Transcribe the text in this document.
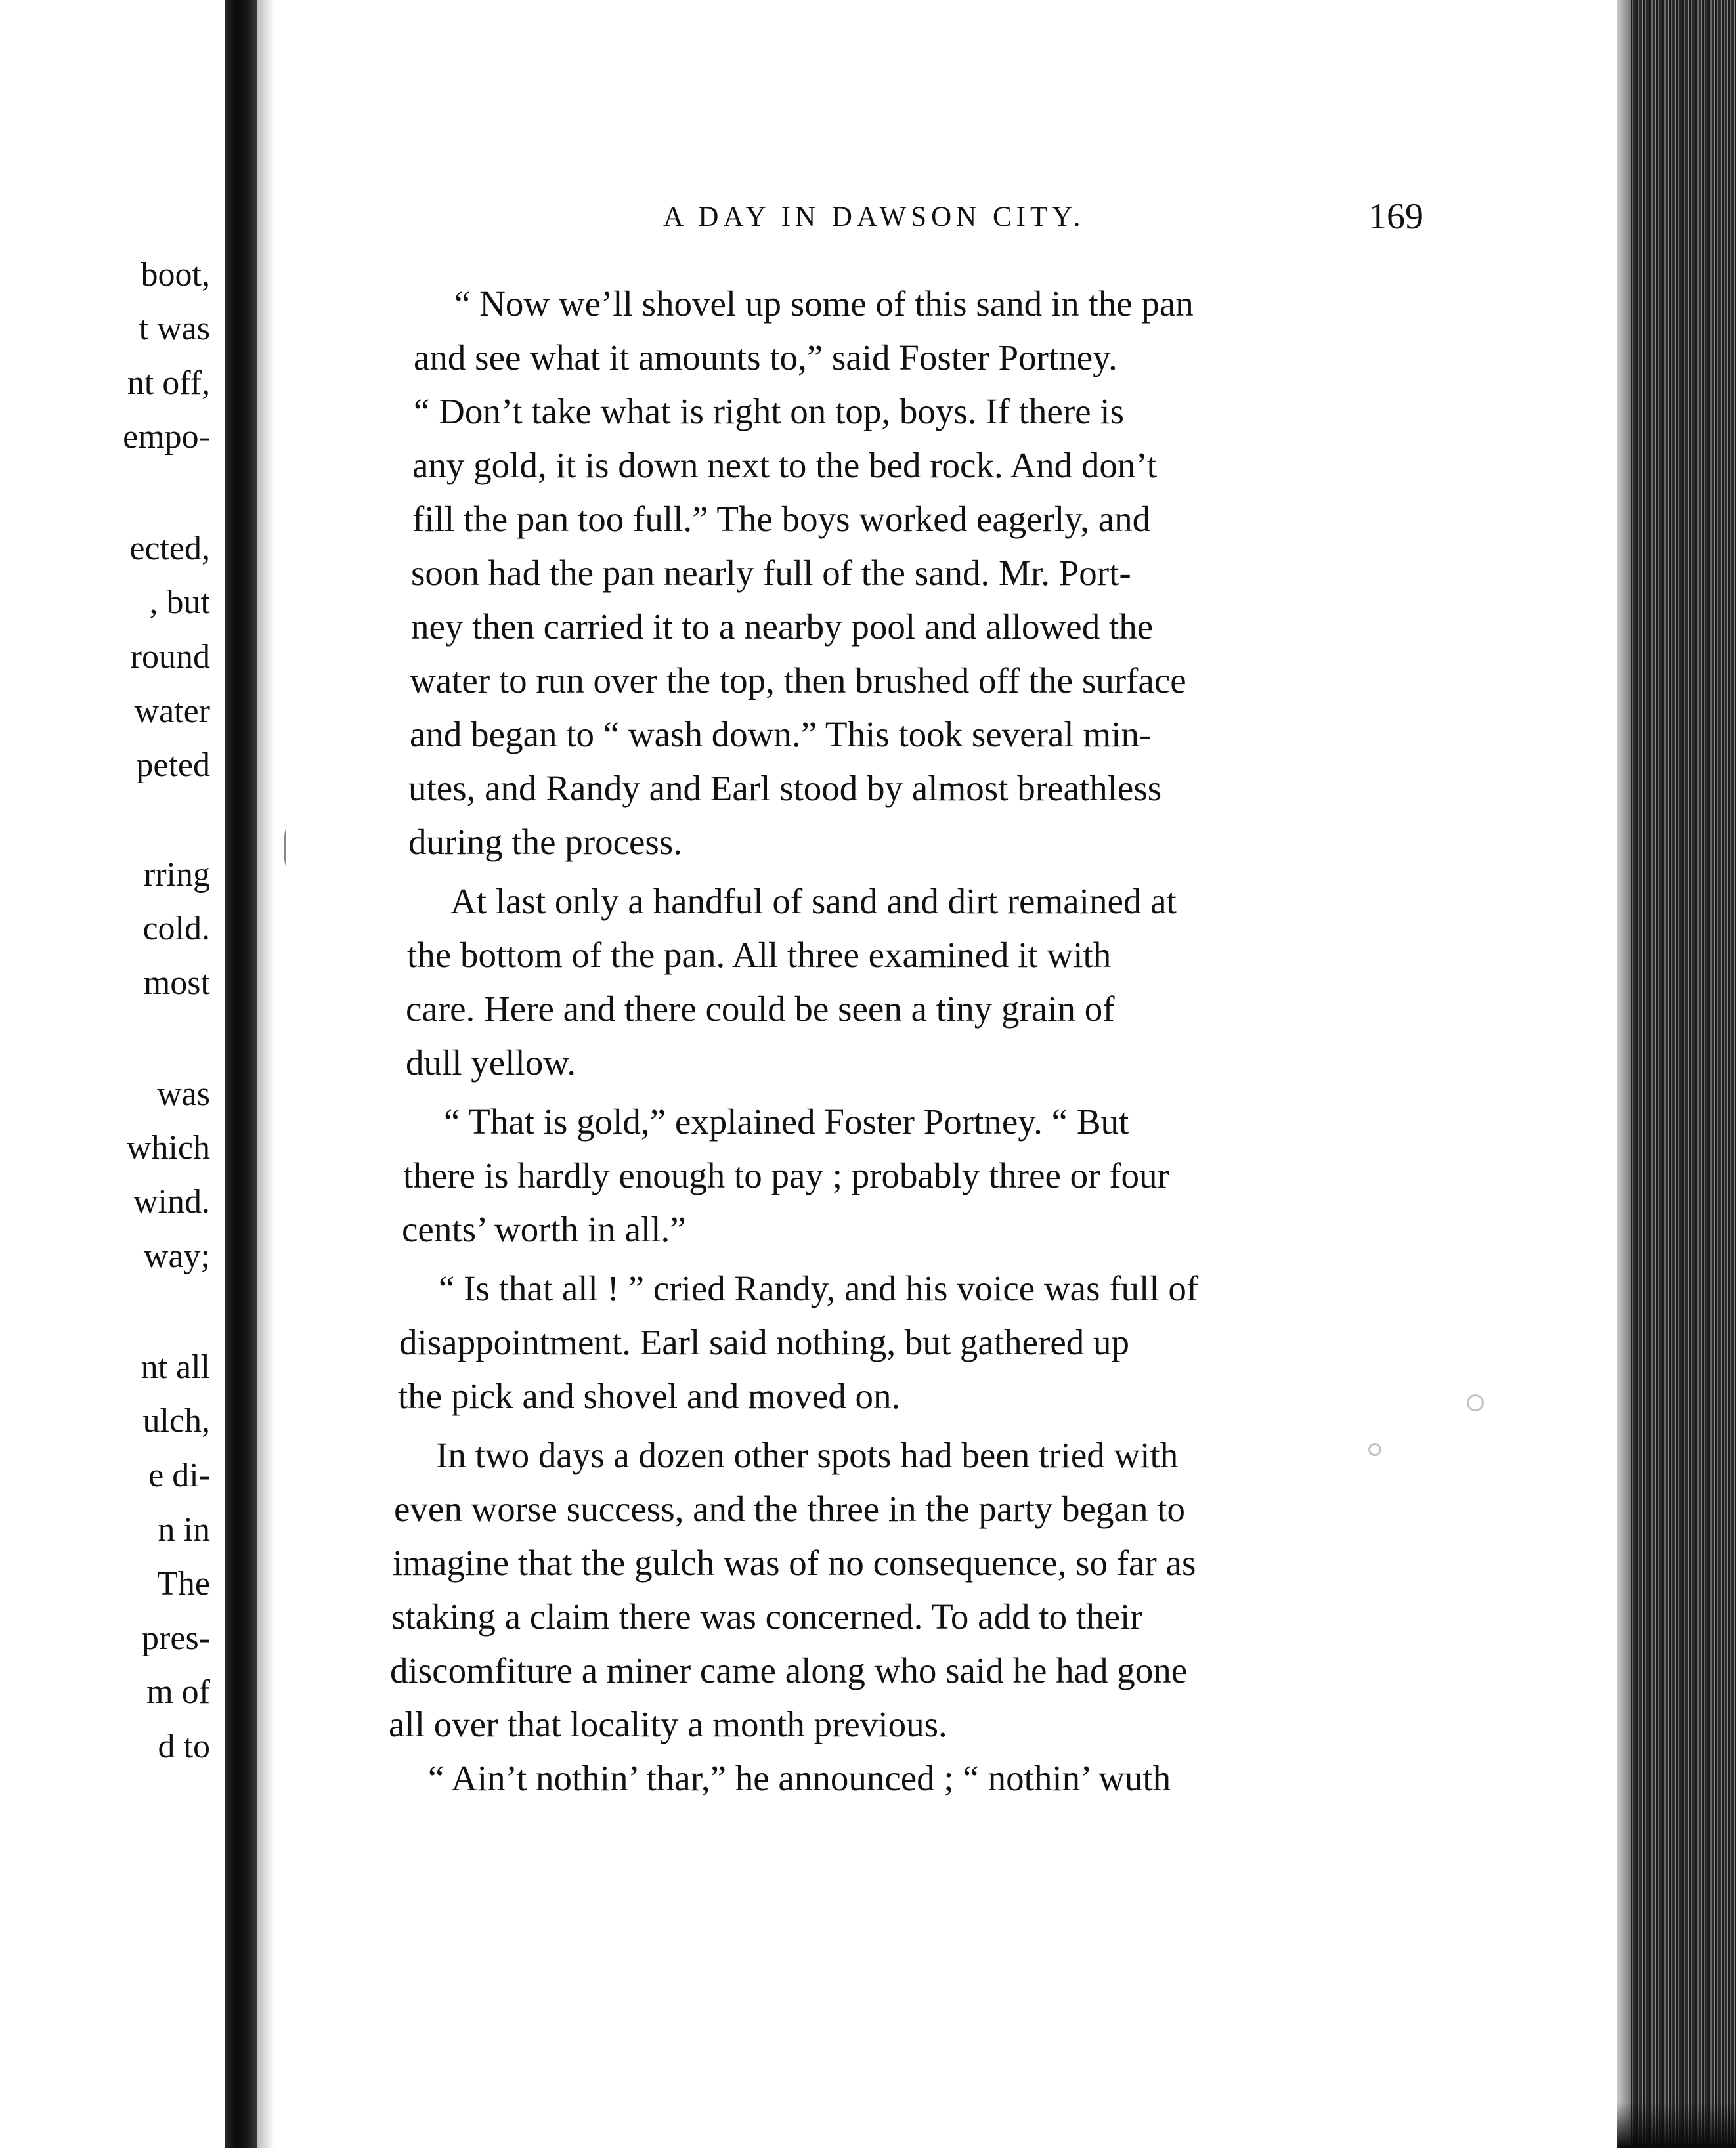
boot,
t was
nt off,
empo-
ected,
, but
round
water
peted
rring
cold.
most
was
which
wind.
way;
nt all
ulch,
e di-
n in
The
pres-
m of
d to
A DAY IN DAWSON CITY.	169
“ Now we’ll shovel up some of this sand in the pan
and see what it amounts to,” said Foster Portney.
“ Don’t take what is right on top, boys. If there is
any gold, it is down next to the bed rock. And don’t
fill the pan too full.” The boys worked eagerly, and
soon had the pan nearly full of the sand. Mr. Port-
ney then carried it to a nearby pool and allowed the
water to run over the top, then brushed off the surface
and began to “ wash down.” This took several min-
utes, and Randy and Earl stood by almost breathless
during the process.
At last only a handful of sand and dirt remained at
the bottom of the pan. All three examined it with
care. Here and there could be seen a tiny grain of
dull yellow.
“ That is gold,” explained Foster Portney. “ But
there is hardly enough to pay ; probably three or four
cents’ worth in all.”
“ Is that all ! ” cried Randy, and his voice was full of
disappointment. Earl said nothing, but gathered up
the pick and shovel and moved on.
In two days a dozen other spots had been tried with
even worse success, and the three in the party began to
imagine that the gulch was of no consequence, so far as
staking a claim there was concerned. To add to their
discomfiture a miner came along who said he had gone
all over that locality a month previous.
“ Ain’t nothin’ thar,” he announced ; “ nothin’ wuth
